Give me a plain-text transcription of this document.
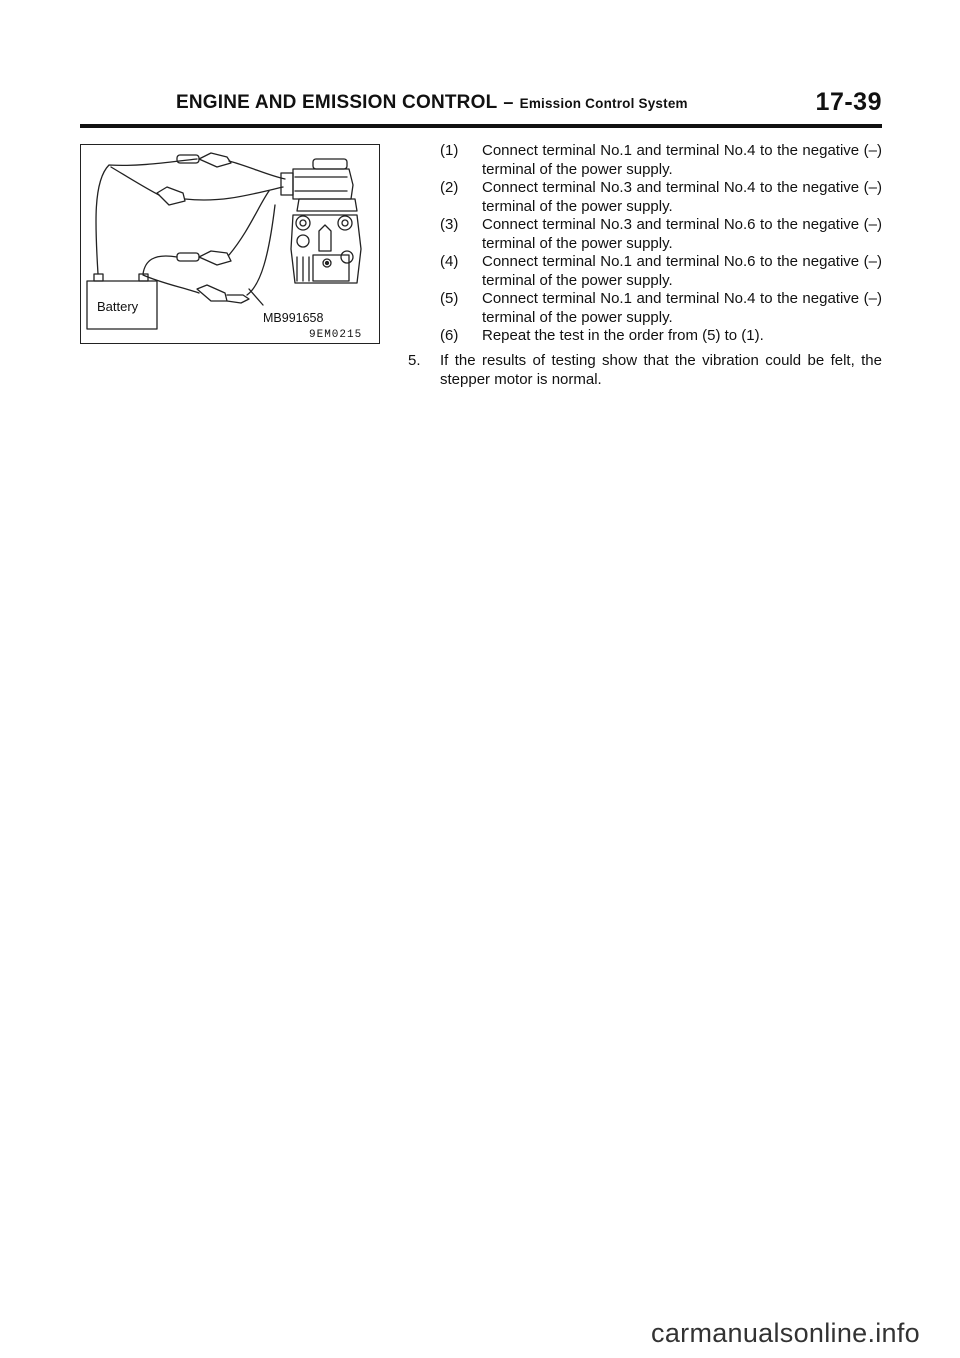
ENGINE AND EMISSION CONTROL – Emission Control System	17-39
Battery
MB991658
9EM0215
(1) Connect terminal No.1 and terminal No.4 to the negative (–) terminal of the power supply.
(2) Connect terminal No.3 and terminal No.4 to the negative (–) terminal of the power supply.
(3) Connect terminal No.3 and terminal No.6 to the negative (–) terminal of the power supply.
(4) Connect terminal No.1 and terminal No.6 to the negative (–) terminal of the power supply.
(5) Connect terminal No.1 and terminal No.4 to the negative (–) terminal of the power supply.
(6) Repeat the test in the order from (5) to (1).
5.	If the results of testing show that the vibration could be felt, the stepper motor is normal.
carmanualsonline.info
